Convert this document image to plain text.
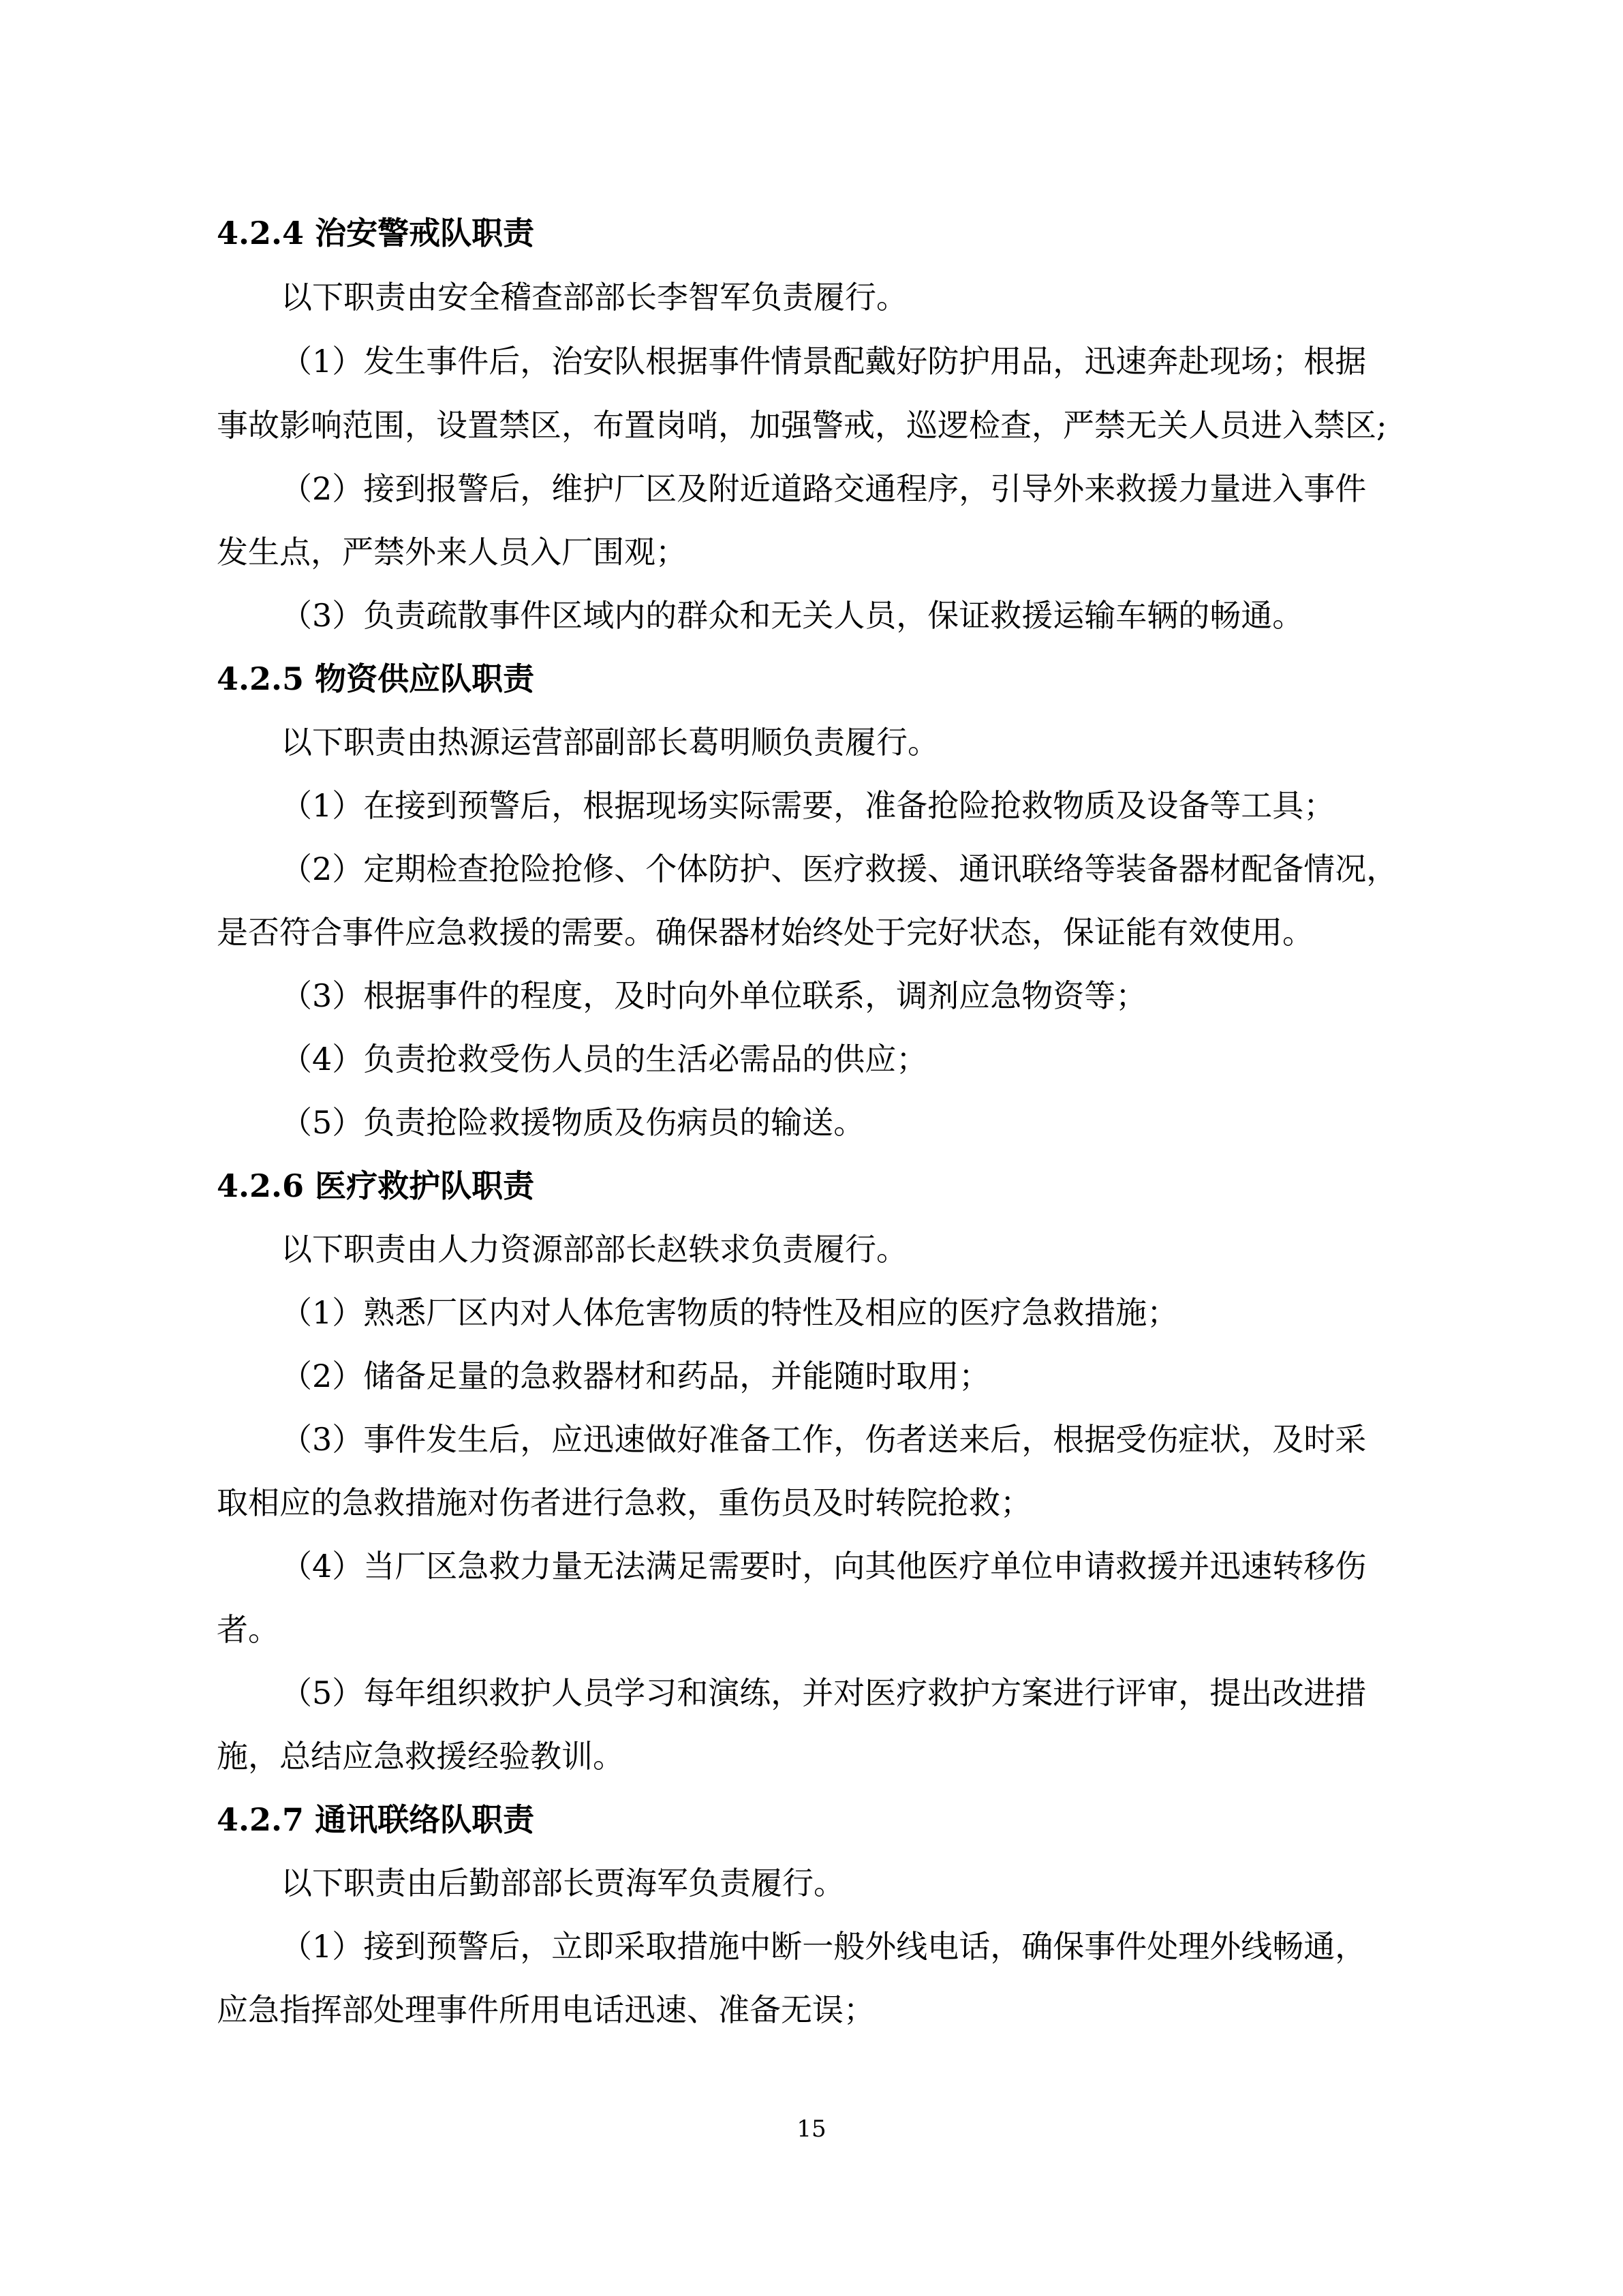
4.2.4 治安警戒队职责

以下职责由安全稽查部部长李智军负责履行。

（1）发生事件后，治安队根据事件情景配戴好防护用品，迅速奔赴现场；根据

事故影响范围，设置禁区，布置岗哨，加强警戒，巡逻检查，严禁无关人员进入禁区;

（2）接到报警后，维护厂区及附近道路交通程序，引导外来救援力量进入事件

发生点，严禁外来人员入厂围观；

（3）负责疏散事件区域内的群众和无关人员，保证救援运输车辆的畅通。

4.2.5 物资供应队职责

以下职责由热源运营部副部长葛明顺负责履行。

（1）在接到预警后，根据现场实际需要，准备抢险抢救物质及设备等工具；

（2）定期检查抢险抢修、个体防护、医疗救援、通讯联络等装备器材配备情况，

是否符合事件应急救援的需要。确保器材始终处于完好状态，保证能有效使用。

（3）根据事件的程度，及时向外单位联系，调剂应急物资等；

（4）负责抢救受伤人员的生活必需品的供应；

（5）负责抢险救援物质及伤病员的输送。

4.2.6 医疗救护队职责

以下职责由人力资源部部长赵轶求负责履行。

（1）熟悉厂区内对人体危害物质的特性及相应的医疗急救措施；

（2）储备足量的急救器材和药品，并能随时取用；

（3）事件发生后，应迅速做好准备工作，伤者送来后，根据受伤症状，及时采

取相应的急救措施对伤者进行急救，重伤员及时转院抢救；

（4）当厂区急救力量无法满足需要时，向其他医疗单位申请救援并迅速转移伤

者。

（5）每年组织救护人员学习和演练，并对医疗救护方案进行评审，提出改进措

施，总结应急救援经验教训。

4.2.7 通讯联络队职责

以下职责由后勤部部长贾海军负责履行。

（1）接到预警后，立即采取措施中断一般外线电话，确保事件处理外线畅通，

应急指挥部处理事件所用电话迅速、准备无误；

15
